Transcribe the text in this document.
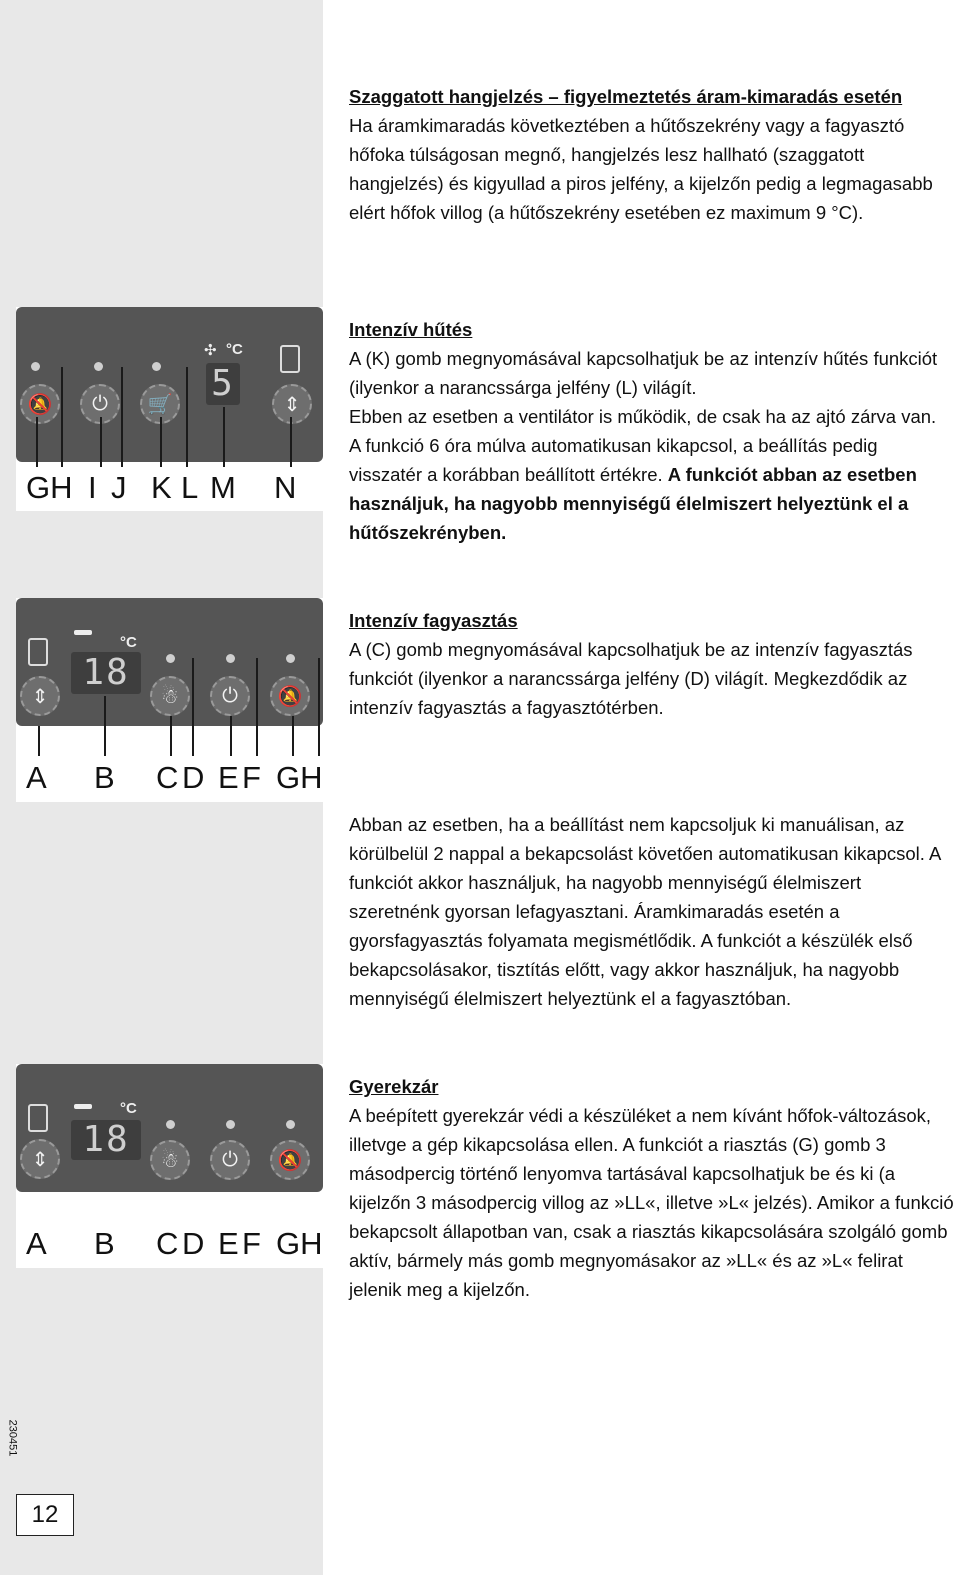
Szaggatott hangjelzés – figyelmeztetés áram-kimaradás esetén

Ha áramkimaradás következtében a hűtőszekrény vagy a fagyasztó hőfoka túlságosan megnő, hangjelzés lesz hallható (szaggatott hangjelzés) és kigyullad a piros jelfény, a kijelzőn pedig a legmagasabb elért hőfok villog (a hűtőszekrény esetében ez maximum 9 °C).

Intenzív hűtés

A (K) gomb megnyomásával kapcsolhatjuk be az intenzív hűtés funkciót (ilyenkor a narancssárga jelfény (L) világít.

Ebben az esetben a ventilátor is működik, de csak ha az ajtó zárva van.

A funkció 6 óra múlva automatikusan kikapcsol, a beállítás pedig visszatér a korábban beállított értékre. A funkciót abban az esetben használjuk, ha nagyobb mennyiségű élelmiszert helyeztünk el a hűtőszekrényben.

Intenzív fagyasztás

A (C) gomb megnyomásával kapcsolhatjuk be az intenzív fagyasztás funkciót (ilyenkor a narancssárga jelfény (D) világít. Megkezdődik az intenzív fagyasztás a fagyasztótérben.

Abban az esetben, ha a beállítást nem kapcsoljuk ki manuálisan, az körülbelül 2 nappal a bekapcsolást követően automatikusan kikapcsol. A funkciót akkor használjuk, ha nagyobb mennyiségű élelmiszert szeretnénk gyorsan lefagyasztani. Áramkimaradás esetén a gyorsfagyasztás folyamata megismétlődik. A funkciót a készülék első bekapcsolásakor, tisztítás előtt, vagy akkor használjuk, ha nagyobb mennyiségű élelmiszert helyeztünk el a fagyasztóban.

Gyerekzár

A beépített gyerekzár védi a készüléket a nem kívánt hőfok-változások, illetvge a gép kikapcsolása ellen. A funkciót a riasztás (G) gomb 3 másodpercig történő lenyomva tartásával kapcsolhatjuk be és ki (a kijelzőn 3 másodpercig villog az »LL«, illetve »L« jelzés). Amikor a funkció bekapcsolt állapotban van, csak a riasztás kikapcsolására szolgáló gomb aktív, bármely más gomb megnyomásakor az »LL« és az »L« felirat jelenik meg a kijelzőn.

🔕 ⏻ 🛒
✣ °C
5
⇕
GH I J K L M N
⇕
°C
18
☃ ⏻ 🔕
A B C D E F GH
⇕
°C
18
☃ ⏻ 🔕
A B C D E F GH
230451
12
